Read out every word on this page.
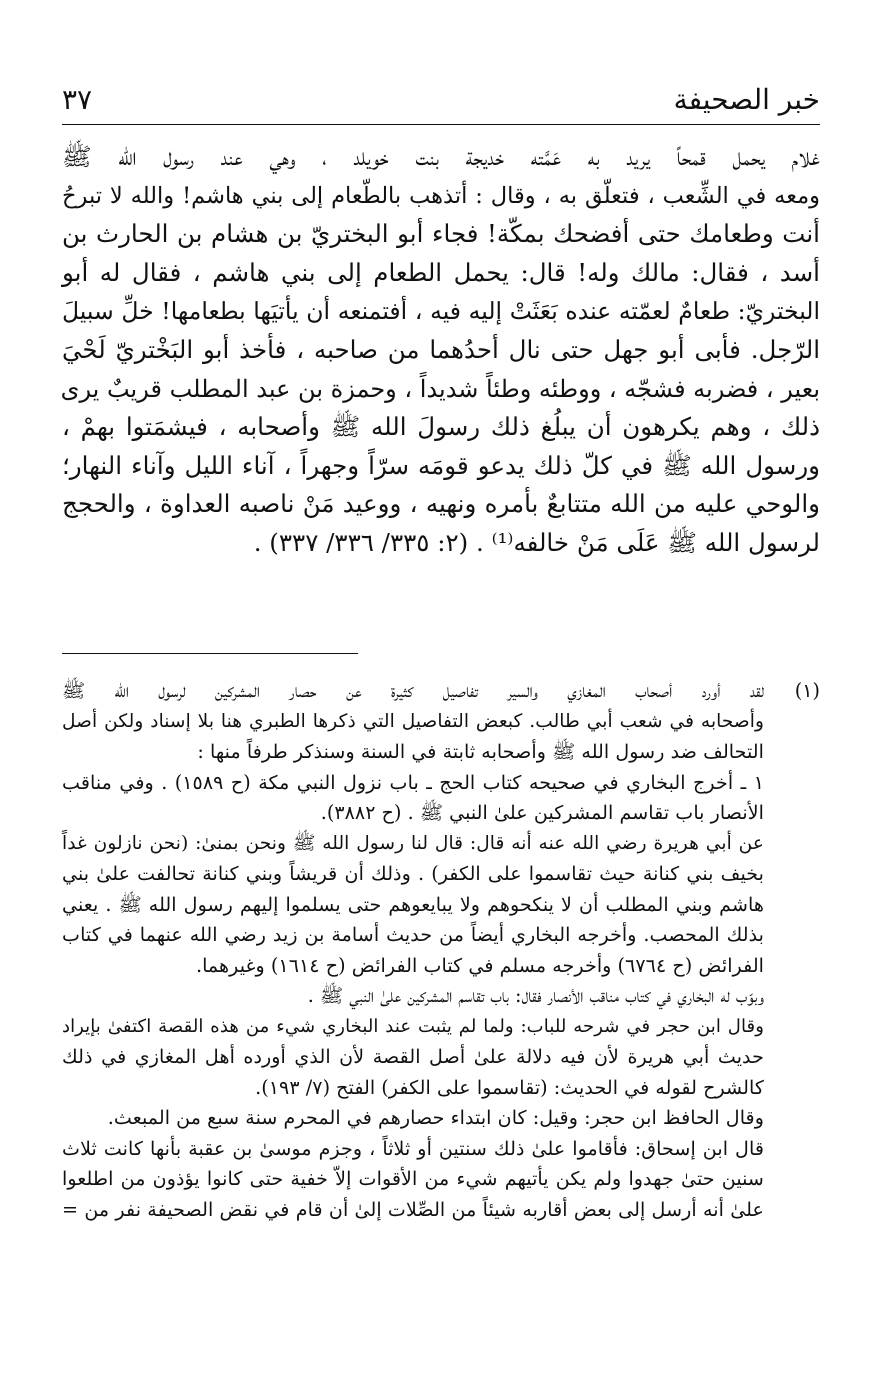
خبر الصحيفة
٣٧
غلام يحمل قمحاً يريد به عَمَّته خديجة بنت خويلد ، وهي عند رسول الله ﷺ
ومعه في الشِّعب ، فتعلّق به ، وقال : أتذهب بالطّعام إلى بني هاشم! والله لا تبرحُ
أنت وطعامك حتى أفضحك بمكّة! فجاء أبو البختريّ بن هشام بن الحارث بن
أسد ، فقال: مالك وله! قال: يحمل الطعام إلى بني هاشم ، فقال له أبو
البختريّ: طعامٌ لعمّته عنده بَعَثَتْ إليه فيه ، أفتمنعه أن يأتيَها بطعامها! خلِّ سبيلَ
الرّجل. فأبى أبو جهل حتى نال أحدُهما من صاحبه ، فأخذ أبو البَخْتريّ لَحْيَ
بعير ، فضربه فشجّه ، ووطئه وطئاً شديداً ، وحمزة بن عبد المطلب قريبٌ يرى
ذلك ، وهم يكرهون أن يبلُغ ذلك رسولَ الله ﷺ وأصحابه ، فيشمَتوا بهمْ ،
ورسول الله ﷺ في كلّ ذلك يدعو قومَه سرّاً وجهراً ، آناء الليل وآناء النهار؛
والوحي عليه من الله متتابعٌ بأمره ونهيه ، ووعيد مَنْ ناصبه العداوة ، والحجج
لرسول الله ﷺ عَلَى مَنْ خالفه⁽¹⁾ . (٢: ٣٣٥/ ٣٣٦/ ٣٣٧) .
(١)لقد أورد أصحاب المغازي والسير تفاصيل كثيرة عن حصار المشركين لرسول الله ﷺ
وأصحابه في شعب أبي طالب. كبعض التفاصيل التي ذكرها الطبري هنا بلا إسناد ولكن أصل
التحالف ضد رسول الله ﷺ وأصحابه ثابتة في السنة وسنذكر طرفاً منها :
١ ـ أخرج البخاري في صحيحه كتاب الحج ـ باب نزول النبي مكة (ح ١٥٨٩) . وفي مناقب
الأنصار باب تقاسم المشركين علىٰ النبي ﷺ . (ح ٣٨٨٢).
عن أبي هريرة رضي الله عنه أنه قال: قال لنا رسول الله ﷺ ونحن بمنىٰ: (نحن نازلون غداً
بخيف بني كنانة حيث تقاسموا على الكفر) . وذلك أن قريشاً وبني كنانة تحالفت علىٰ بني
هاشم وبني المطلب أن لا ينكحوهم ولا يبايعوهم حتى يسلموا إليهم رسول الله ﷺ . يعني
بذلك المحصب. وأخرجه البخاري أيضاً من حديث أسامة بن زيد رضي الله عنهما في كتاب
الفرائض (ح ٦٧٦٤) وأخرجه مسلم في كتاب الفرائض (ح ١٦١٤) وغيرهما.
وبوّب له البخاري في كتاب مناقب الأنصار فقال: باب تقاسم المشركين علىٰ النبي ﷺ .
وقال ابن حجر في شرحه للباب: ولما لم يثبت عند البخاري شيء من هذه القصة اكتفىٰ بإيراد
حديث أبي هريرة لأن فيه دلالة علىٰ أصل القصة لأن الذي أورده أهل المغازي في ذلك
كالشرح لقوله في الحديث: (تقاسموا على الكفر) الفتح (٧/ ١٩٣).
وقال الحافظ ابن حجر: وقيل: كان ابتداء حصارهم في المحرم سنة سبع من المبعث.
قال ابن إسحاق: فأقاموا علىٰ ذلك سنتين أو ثلاثاً ، وجزم موسىٰ بن عقبة بأنها كانت ثلاث
سنين حتىٰ جهدوا ولم يكن يأتيهم شيء من الأقوات إلاّ خفية حتى كانوا يؤذون من اطلعوا
علىٰ أنه أرسل إلى بعض أقاربه شيئاً من الصِّلات إلىٰ أن قام في نقض الصحيفة نفر من =
